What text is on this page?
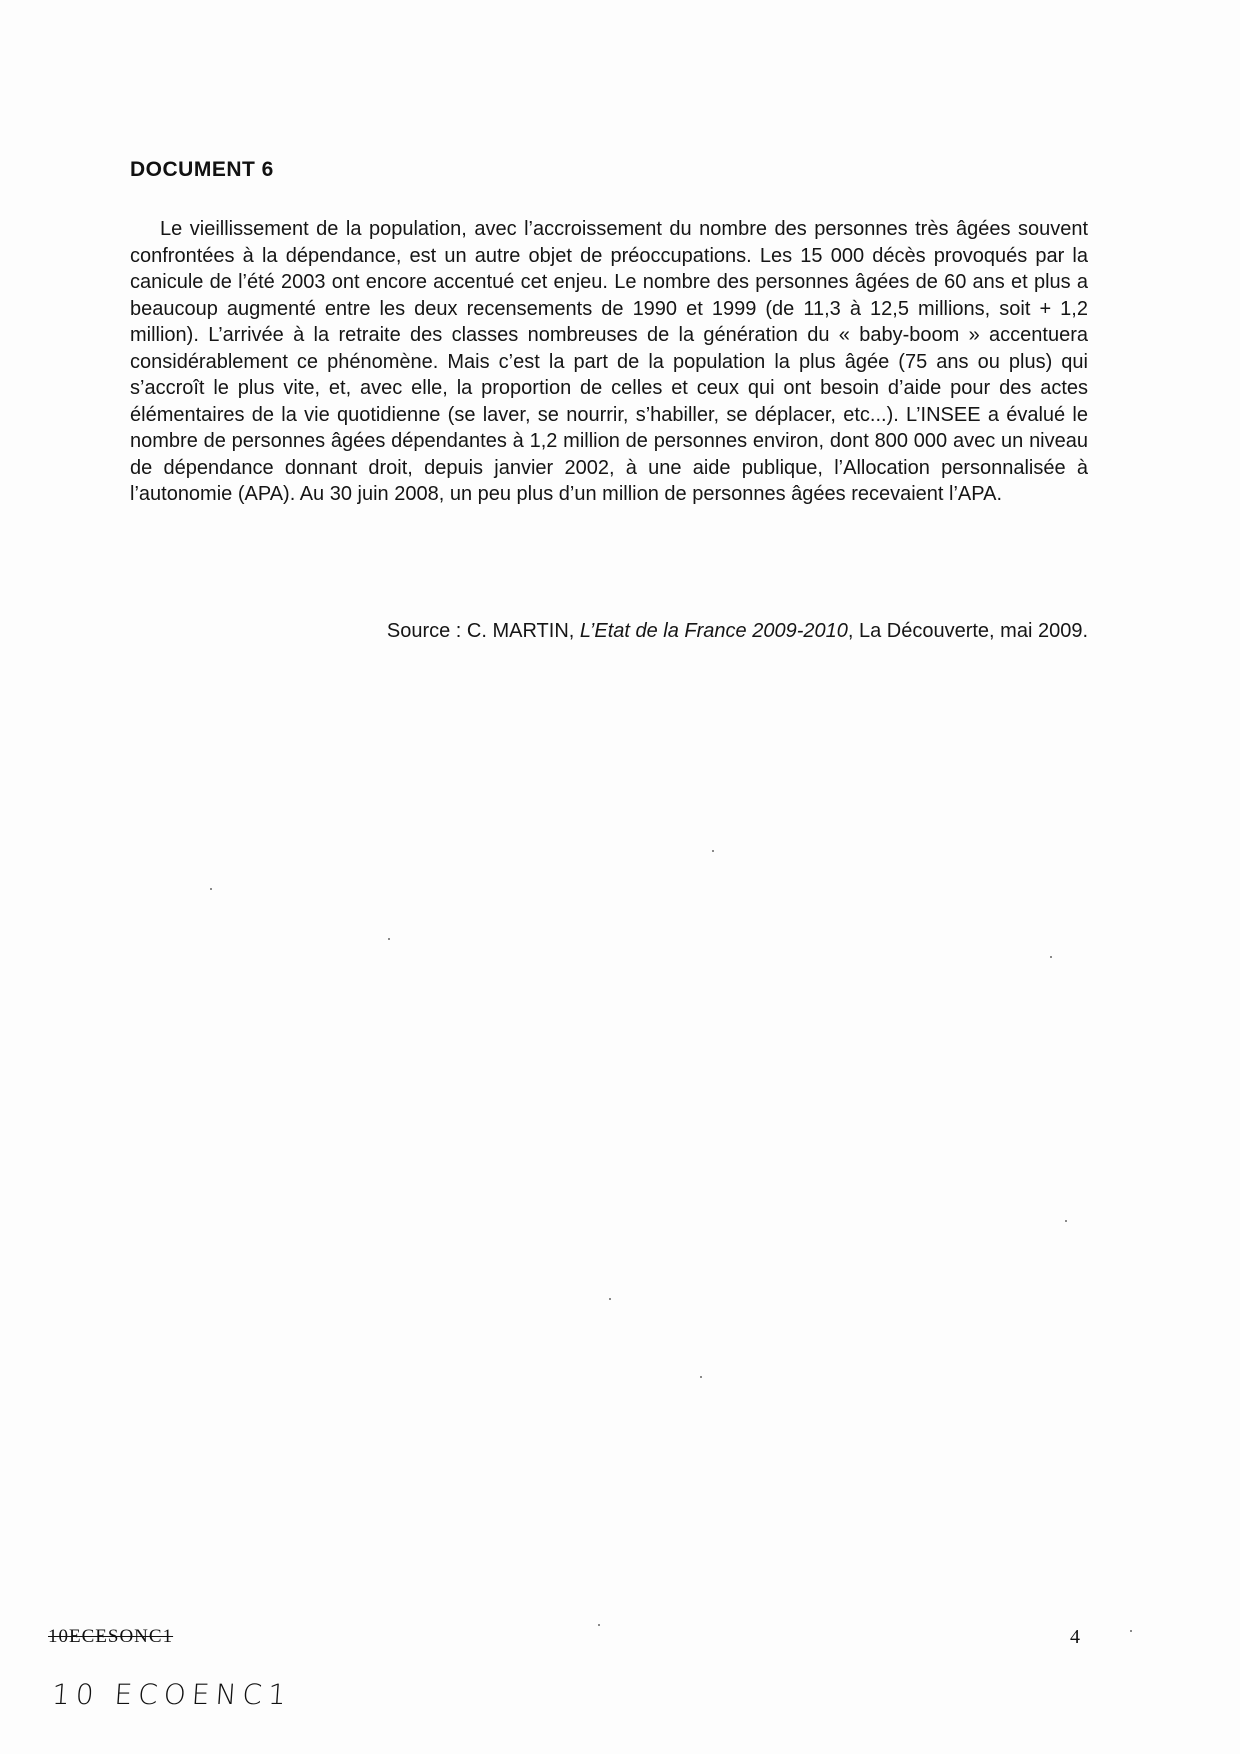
DOCUMENT 6

Le vieillissement de la population, avec l’accroissement du nombre des personnes très âgées souvent confrontées à la dépendance, est un autre objet de préoccupations. Les 15 000 décès provoqués par la canicule de l’été 2003 ont encore accentué cet enjeu. Le nombre des personnes âgées de 60 ans et plus a beaucoup augmenté entre les deux recensements de 1990 et 1999 (de 11,3 à 12,5 millions, soit + 1,2 million). L’arrivée à la retraite des classes nombreuses de la génération du « baby-boom » accentuera considérablement ce phénomène. Mais c’est la part de la population la plus âgée (75 ans ou plus) qui s’accroît le plus vite, et, avec elle, la proportion de celles et ceux qui ont besoin d’aide pour des actes élémentaires de la vie quotidienne (se laver, se nourrir, s’habiller, se déplacer, etc...). L’INSEE a évalué le nombre de personnes âgées dépendantes à 1,2 million de personnes environ, dont 800 000 avec un niveau de dépendance donnant droit, depuis janvier 2002, à une aide publique, l’Allocation personnalisée à l’autonomie (APA). Au 30 juin 2008, un peu plus d’un million de personnes âgées recevaient l’APA.

Source : C. MARTIN, L’Etat de la France 2009-2010, La Découverte, mai 2009.
10ECESONC1
10 ECOENC1
4
